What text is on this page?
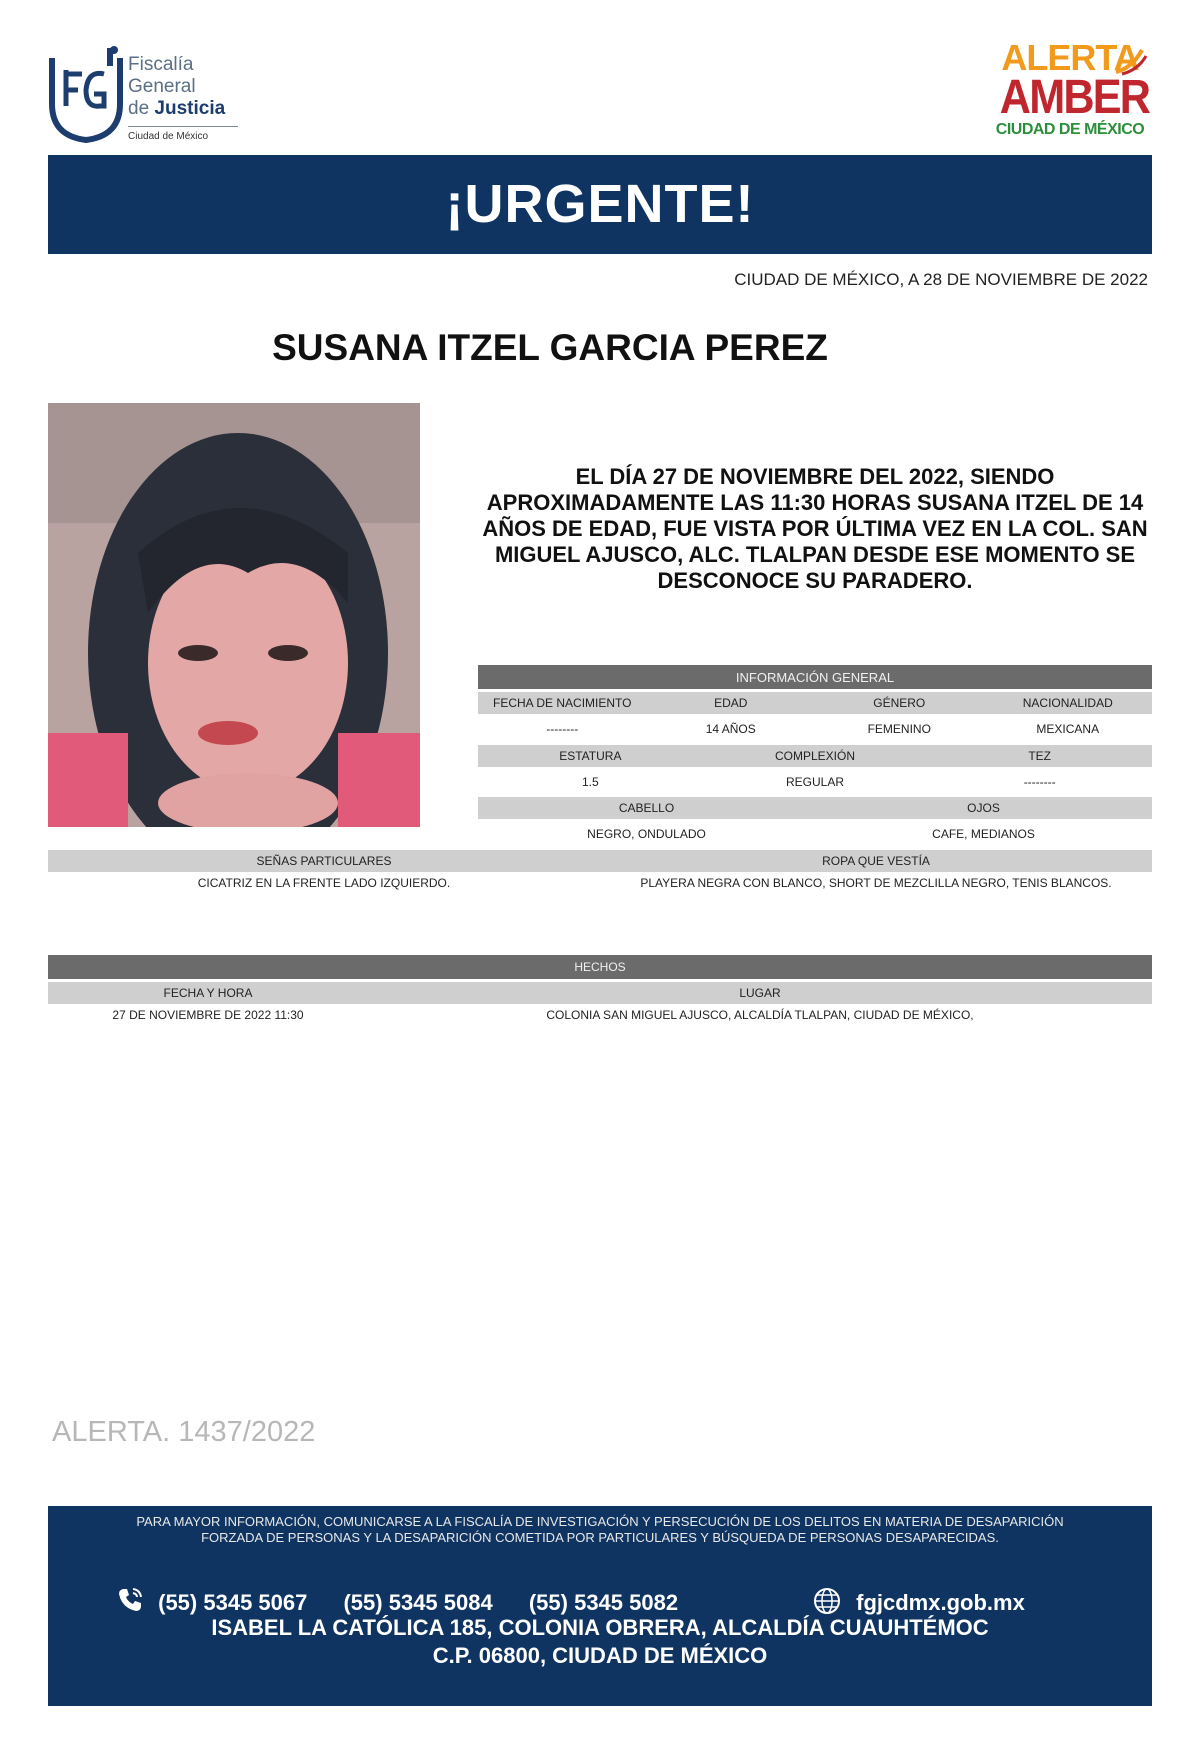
Fiscalía
General
de Justicia
Ciudad de México
ALERTA
AMBER
CIUDAD DE MÉXICO
¡URGENTE!
CIUDAD DE MÉXICO, A 28 DE NOVIEMBRE DE 2022
SUSANA ITZEL GARCIA PEREZ
EL DÍA 27 DE NOVIEMBRE DEL 2022, SIENDO APROXIMADAMENTE LAS 11:30 HORAS SUSANA ITZEL DE 14 AÑOS DE EDAD, FUE VISTA POR ÚLTIMA VEZ EN LA COL. SAN MIGUEL AJUSCO, ALC. TLALPAN DESDE ESE MOMENTO SE DESCONOCE SU PARADERO.
INFORMACIÓN GENERAL
FECHA DE NACIMIENTO	EDAD	GÉNERO	NACIONALIDAD
--------	14 AÑOS	FEMENINO	MEXICANA
ESTATURA	COMPLEXIÓN	TEZ
1.5	REGULAR	--------
CABELLO	OJOS
NEGRO, ONDULADO	CAFE, MEDIANOS
SEÑAS PARTICULARES	ROPA QUE VESTÍA
CICATRIZ EN LA FRENTE LADO IZQUIERDO.	PLAYERA NEGRA CON BLANCO, SHORT DE MEZCLILLA NEGRO, TENIS BLANCOS.
HECHOS
FECHA Y HORA	LUGAR
27 DE NOVIEMBRE DE 2022 11:30	COLONIA SAN MIGUEL AJUSCO, ALCALDÍA TLALPAN, CIUDAD DE MÉXICO,
ALERTA. 1437/2022
PARA MAYOR INFORMACIÓN, COMUNICARSE A LA FISCALÍA DE INVESTIGACIÓN Y PERSECUCIÓN DE LOS DELITOS EN MATERIA DE DESAPARICIÓN
FORZADA DE PERSONAS Y LA DESAPARICIÓN COMETIDA POR PARTICULARES Y BÚSQUEDA DE PERSONAS DESAPARECIDAS.
(55) 5345 5067 (55) 5345 5084 (55) 5345 5082	fgjcdmx.gob.mx
ISABEL LA CATÓLICA 185, COLONIA OBRERA, ALCALDÍA CUAUHTÉMOC
C.P. 06800, CIUDAD DE MÉXICO
